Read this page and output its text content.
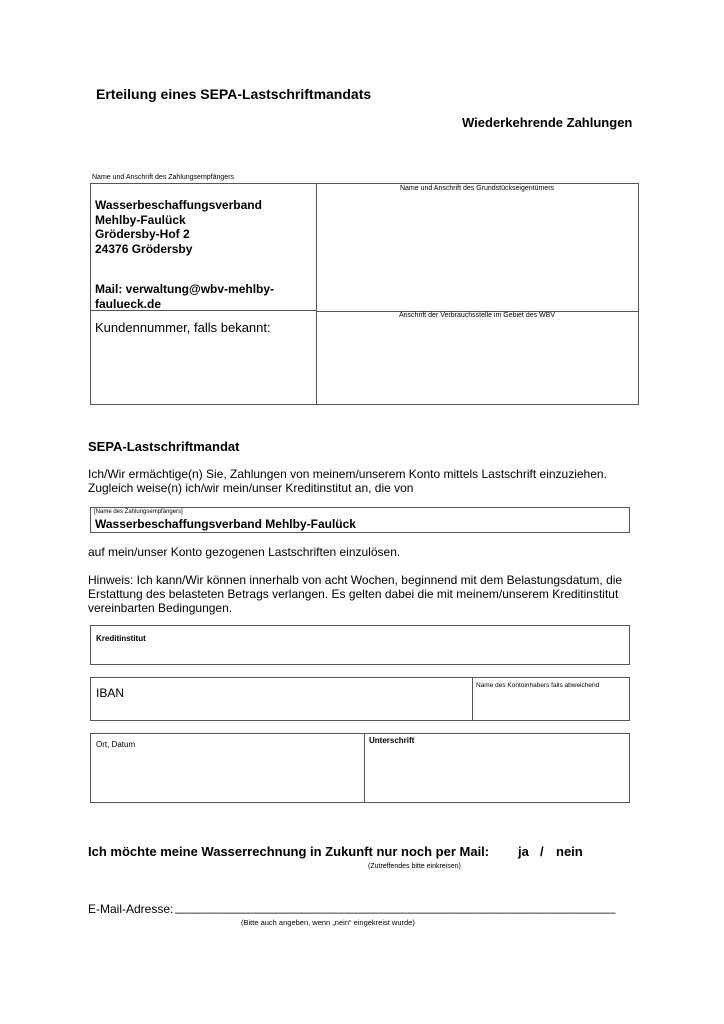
Erteilung eines SEPA-Lastschriftmandats
Wiederkehrende Zahlungen
Name und Anschrift des Zahlungsempfängers
Wasserbeschaffungsverband
Mehlby-Faulück
Grödersby-Hof 2
24376 Grödersby
Mail: verwaltung@wbv-mehlby-
faulueck.de
Name und Anschrift des Grundstückseigentümers
Kundennummer, falls bekannt:
Anschrift der Verbrauchsstelle im Gebiet des WBV
SEPA-Lastschriftmandat
Ich/Wir ermächtige(n) Sie, Zahlungen von meinem/unserem Konto mittels Lastschrift einzuziehen.
Zugleich weise(n) ich/wir mein/unser Kreditinstitut an, die von
[Name des Zahlungsempfängers]
Wasserbeschaffungsverband Mehlby-Faulück
auf mein/unser Konto gezogenen Lastschriften einzulösen.
Hinweis: Ich kann/Wir können innerhalb von acht Wochen, beginnend mit dem Belastungsdatum, die
Erstattung des belasteten Betrags verlangen. Es gelten dabei die mit meinem/unserem Kreditinstitut
vereinbarten Bedingungen.
Kreditinstitut
IBAN
Name des Kontoinhabers falls abweichend
Ort, Datum	Unterschrift
Ich möchte meine Wasserrechnung in Zukunft nur noch per Mail: ja / nein
(Zutreffendes bitte einkreisen)
E-Mail-Adresse: __________________________________________________________________
(Bitte auch angeben, wenn „nein“ eingekreist wurde)
